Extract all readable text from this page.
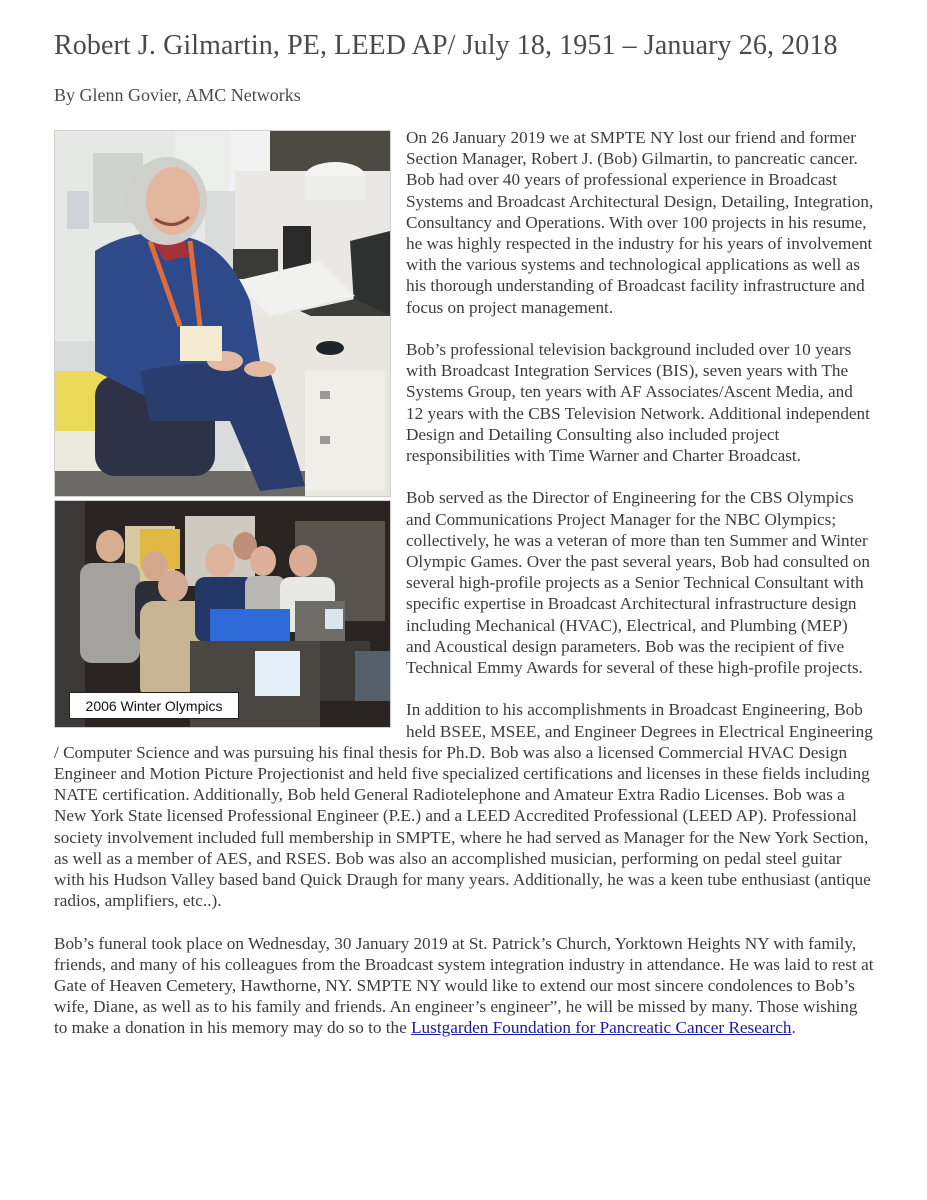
Robert J. Gilmartin, PE, LEED AP/ July 18, 1951 – January 26, 2018
By Glenn Govier, AMC Networks
2006 Winter Olympics

On 26 January 2019 we at SMPTE NY lost our friend and former Section Manager, Robert J. (Bob) Gilmartin, to pancreatic cancer. Bob had over 40 years of professional experience in Broadcast Systems and Broadcast Architectural Design, Detailing, Integration, Consultancy and Operations. With over 100 projects in his resume, he was highly respected in the industry for his years of involvement with the various systems and technological applications as well as his thorough understanding of Broadcast facility infrastructure and focus on project management.

Bob’s professional television background included over 10 years with Broadcast Integration Services (BIS), seven years with The Systems Group, ten years with AF Associates/Ascent Media, and 12 years with the CBS Television Network. Additional independent Design and Detailing Consulting also included project responsibilities with Time Warner and Charter Broadcast.

Bob served as the Director of Engineering for the CBS Olympics and Communications Project Manager for the NBC Olympics; collectively, he was a veteran of more than ten Summer and Winter Olympic Games. Over the past several years, Bob had consulted on several high-profile projects as a Senior Technical Consultant with specific expertise in Broadcast Architectural infrastructure design including Mechanical (HVAC), Electrical, and Plumbing (MEP) and Acoustical design parameters. Bob was the recipient of five Technical Emmy Awards for several of these high-profile projects.

In addition to his accomplishments in Broadcast Engineering, Bob held BSEE, MSEE, and Engineer Degrees in Electrical Engineering / Computer Science and was pursuing his final thesis for Ph.D. Bob was also a licensed Commercial HVAC Design Engineer and Motion Picture Projectionist and held five specialized certifications and licenses in these fields including NATE certification. Additionally, Bob held General Radiotelephone and Amateur Extra Radio Licenses. Bob was a New York State licensed Professional Engineer (P.E.) and a LEED Accredited Professional (LEED AP). Professional society involvement included full membership in SMPTE, where he had served as Manager for the New York Section, as well as a member of AES, and RSES. Bob was also an accomplished musician, performing on pedal steel guitar with his Hudson Valley based band Quick Draugh for many years. Additionally, he was a keen tube enthusiast (antique radios, amplifiers, etc..).

Bob’s funeral took place on Wednesday, 30 January 2019 at St. Patrick’s Church, Yorktown Heights NY with family, friends, and many of his colleagues from the Broadcast system integration industry in attendance. He was laid to rest at Gate of Heaven Cemetery, Hawthorne, NY. SMPTE NY would like to extend our most sincere condolences to Bob’s wife, Diane, as well as to his family and friends. An engineer’s engineer”, he will be missed by many. Those wishing to make a donation in his memory may do so to the Lustgarden Foundation for Pancreatic Cancer Research.
